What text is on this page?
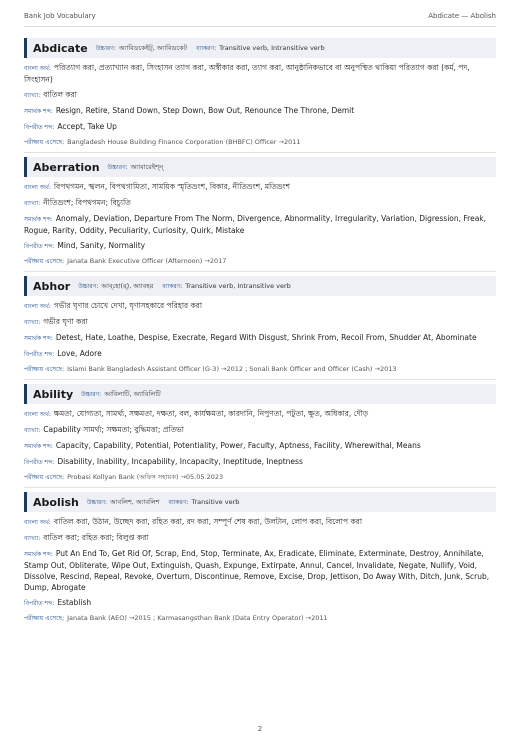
Bank Job Vocabulary	Abdicate — Abolish
Abdicate উচ্চারণ: অ্যাবিডকেইট্‌, অ্যাবিডকেট ব্যাকরণ: Transitive verb, Intransitive verb
বাংলা অর্থ: পরিত্যাগ করা, প্রত্যাখ্যান করা, সিংহাসন ত্যাগ করা, অস্বীকার করা, ত্যাগ করা, আনুষ্ঠানিকভাবে বা অনুপস্থিত থাকিয়া পরিত্যাগ করা (কর্ম, পদ, সিংহাসন)
ব্যাখ্যা: বাতিল করা
সমার্থক শব্দ: Resign, Retire, Stand Down, Step Down, Bow Out, Renounce The Throne, Demit
বিপরীত শব্দ: Accept, Take Up
পরীক্ষায় এসেছে: Bangladesh House Building Finance Corporation (BHBFC) Officer →2011
Aberration উচ্চারণ: অ্যাবারেইশ্‌ন্
বাংলা অর্থ: বিপথগমন, স্খলন, বিপথগামিতা, সাময়িক স্মৃতিভ্রংশ, বিকার, নীতিভ্রংশ, মতিভ্রংশ
ব্যাখ্যা: নীতিভ্রংশ; বিপথগমন; বিচ্যুতি
সমার্থক শব্দ: Anomaly, Deviation, Departure From The Norm, Divergence, Abnormality, Irregularity, Variation, Digression, Freak, Rogue, Rarity, Oddity, Peculiarity, Curiosity, Quirk, Mistake
বিপরীত শব্দ: Mind, Sanity, Normality
পরীক্ষায় এসেছে: Janata Bank Executive Officer (Afternoon) →2017
Abhor উচ্চারণ: আব্‌হো(র্‌), অ্যাবহর ব্যাকরণ: Transitive verb, Intransitive verb
বাংলা অর্থ: গভীর ঘৃণার চোখে দেখা, ঘৃণাসহকারে পরিহার করা
ব্যাখ্যা: গভীর ঘৃণা করা
সমার্থক শব্দ: Detest, Hate, Loathe, Despise, Execrate, Regard With Disgust, Shrink From, Recoil From, Shudder At, Abominate
বিপরীত শব্দ: Love, Adore
পরীক্ষায় এসেছে: Islami Bank Bangladesh Assistant Officer (G-3) →2012 ; Sonali Bank Officer and Officer (Cash) →2013
Ability উচ্চারণ: আবিলাটি, অ্যাবিলিটি
বাংলা অর্থ: ক্ষমতা, যোগ্যতা, সামর্থ্য, সক্ষমতা, দক্ষতা, বল, কার্যক্ষমতা, কারদানি, নিপুণতা, পটুতা, ক্ষুত, অধিকার, দৌড়
ব্যাখ্যা: Capability সামর্থ্য; সক্ষমতা; বুদ্ধিমত্তা; প্রতিভা
সমার্থক শব্দ: Capacity, Capability, Potential, Potentiality, Power, Faculty, Aptness, Facility, Wherewithal, Means
বিপরীত শব্দ: Disability, Inability, Incapability, Incapacity, Ineptitude, Ineptness
পরীক্ষায় এসেছে: Probasi Kollyan Bank (অফিস সহায়ক) →05.05.2023
Abolish উচ্চারণ: আবলিশ, অ্যাবলিশ ব্যাকরণ: Transitive verb
বাংলা অর্থ: বাতিল করা, উঠান, উচ্ছেদ করা, রহিত করা, রদ করা, সম্পূর্ণ শেষ করা, উলটান, লোপ করা, বিলোপ করা
ব্যাখ্যা: বাতিল করা; রহিত করা; বিলুপ্ত করা
সমার্থক শব্দ: Put An End To, Get Rid Of, Scrap, End, Stop, Terminate, Ax, Eradicate, Eliminate, Exterminate, Destroy, Annihilate, Stamp Out, Obliterate, Wipe Out, Extinguish, Quash, Expunge, Extirpate, Annul, Cancel, Invalidate, Negate, Nullify, Void, Dissolve, Rescind, Repeal, Revoke, Overturn, Discontinue, Remove, Excise, Drop, Jettison, Do Away With, Ditch, Junk, Scrub, Dump, Abrogate
বিপরীত শব্দ: Establish
পরীক্ষায় এসেছে: Janata Bank (AEO) →2015 ; Karmasangsthan Bank (Data Entry Operator) →2011
2
